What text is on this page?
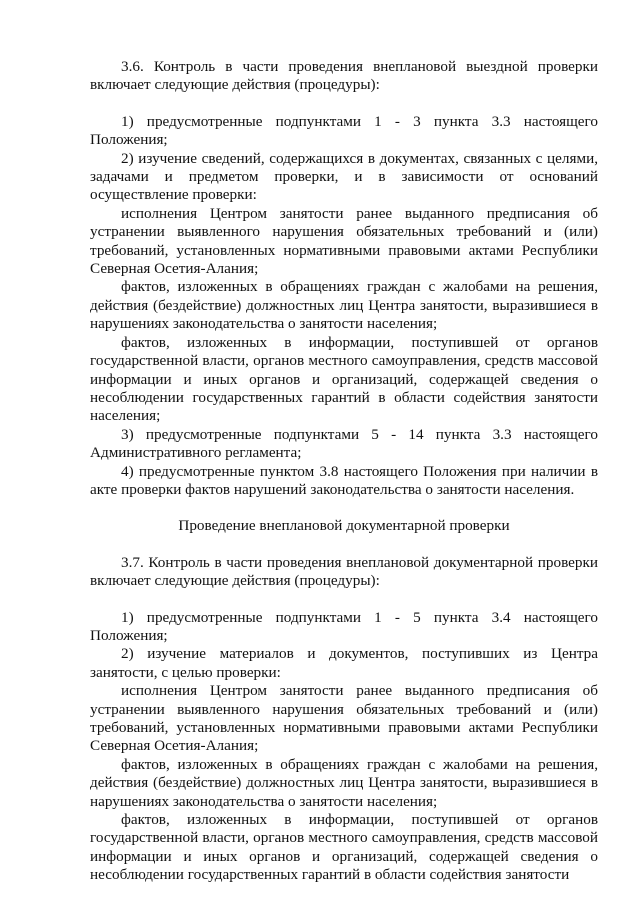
3.6. Контроль в части проведения внеплановой выездной проверки включает следующие действия (процедуры):

1) предусмотренные подпунктами 1 - 3 пункта 3.3 настоящего Положения;

2) изучение сведений, содержащихся в документах, связанных с целями, задачами и предметом проверки, и в зависимости от оснований осуществление проверки:

исполнения Центром занятости ранее выданного предписания об устранении выявленного нарушения обязательных требований и (или) требований, установленных нормативными правовыми актами Республики Северная Осетия-Алания;

фактов, изложенных в обращениях граждан с жалобами на решения, действия (бездействие) должностных лиц Центра занятости, выразившиеся в нарушениях законодательства о занятости населения;

фактов, изложенных в информации, поступившей от органов государственной власти, органов местного самоуправления, средств массовой информации и иных органов и организаций, содержащей сведения о несоблюдении государственных гарантий в области содействия занятости населения;

3) предусмотренные подпунктами 5 - 14 пункта 3.3 настоящего Административного регламента;

4) предусмотренные пунктом 3.8 настоящего Положения при наличии в акте проверки фактов нарушений законодательства о занятости населения.

Проведение внеплановой документарной проверки

3.7. Контроль в части проведения внеплановой документарной проверки включает следующие действия (процедуры):

1) предусмотренные подпунктами 1 - 5 пункта 3.4 настоящего Положения;

2) изучение материалов и документов, поступивших из Центра занятости, с целью проверки:

исполнения Центром занятости ранее выданного предписания об устранении выявленного нарушения обязательных требований и (или) требований, установленных нормативными правовыми актами Республики Северная Осетия-Алания;

фактов, изложенных в обращениях граждан с жалобами на решения, действия (бездействие) должностных лиц Центра занятости, выразившиеся в нарушениях законодательства о занятости населения;

фактов, изложенных в информации, поступившей от органов государственной власти, органов местного самоуправления, средств массовой информации и иных органов и организаций, содержащей сведения о несоблюдении государственных гарантий в области содействия занятости
